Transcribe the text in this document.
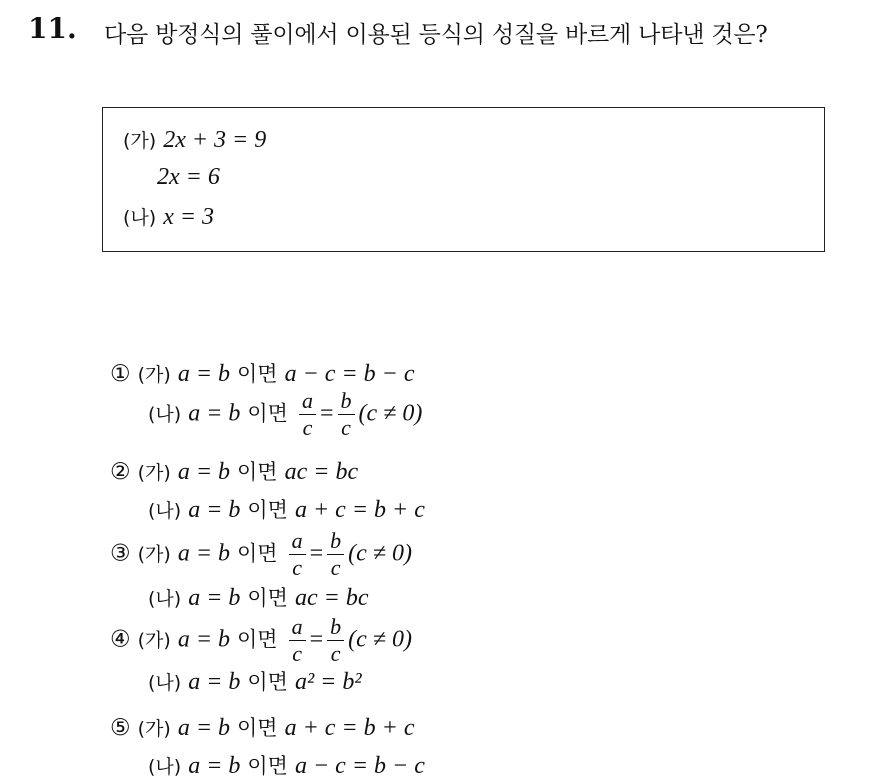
11. 다음 방정식의 풀이에서 이용된 등식의 성질을 바르게 나타낸 것은?
(가) 2x + 3 = 9
2x = 6
(나) x = 3
① (가) a = b 이면 a − c = b − c
(나) a = b 이면 $\frac{a}{c} = \frac{b}{c} (c \ne 0)$
② (가) a = b 이면 ac = bc
(나) a = b 이면 a + c = b + c
③ (가) a = b 이면 $\frac{a}{c} = \frac{b}{c} (c \ne 0)$
(나) a = b 이면 ac = bc
④ (가) a = b 이면 $\frac{a}{c} = \frac{b}{c} (c \ne 0)$
(나) a = b 이면 a² = b²
⑤ (가) a = b 이면 a + c = b + c
(나) a = b 이면 a − c = b − c
